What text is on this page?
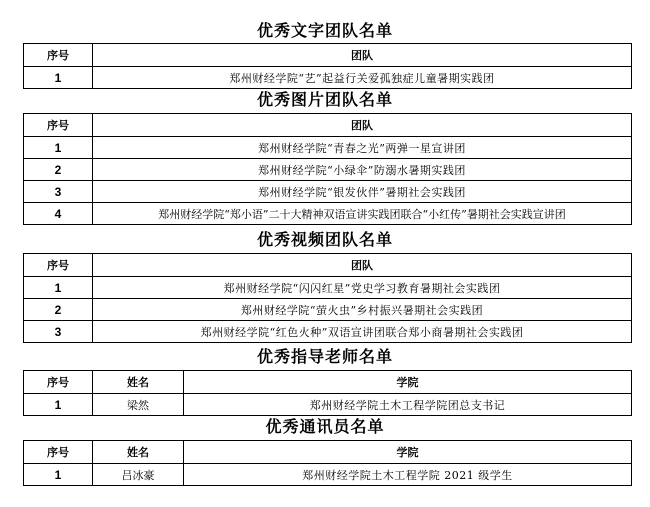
优秀文字团队名单
序号	团队
1	郑州财经学院“艺”起益行关爱孤独症儿童暑期实践团
优秀图片团队名单
序号	团队
1	郑州财经学院“青春之光”两弹一星宣讲团
2	郑州财经学院“小绿伞”防溺水暑期实践团
3	郑州财经学院“银发伙伴”暑期社会实践团
4	郑州财经学院“郑小语”二十大精神双语宣讲实践团联合“小红传”暑期社会实践宣讲团
优秀视频团队名单
序号	团队
1	郑州财经学院“闪闪红星”党史学习教育暑期社会实践团
2	郑州财经学院“萤火虫”乡村振兴暑期社会实践团
3	郑州财经学院“红色火种”双语宣讲团联合郑小商暑期社会实践团
优秀指导老师名单
序号	姓名	学院
1	梁然	郑州财经学院土木工程学院团总支书记
优秀通讯员名单
序号	姓名	学院
1	吕冰豪	郑州财经学院土木工程学院 2021 级学生
